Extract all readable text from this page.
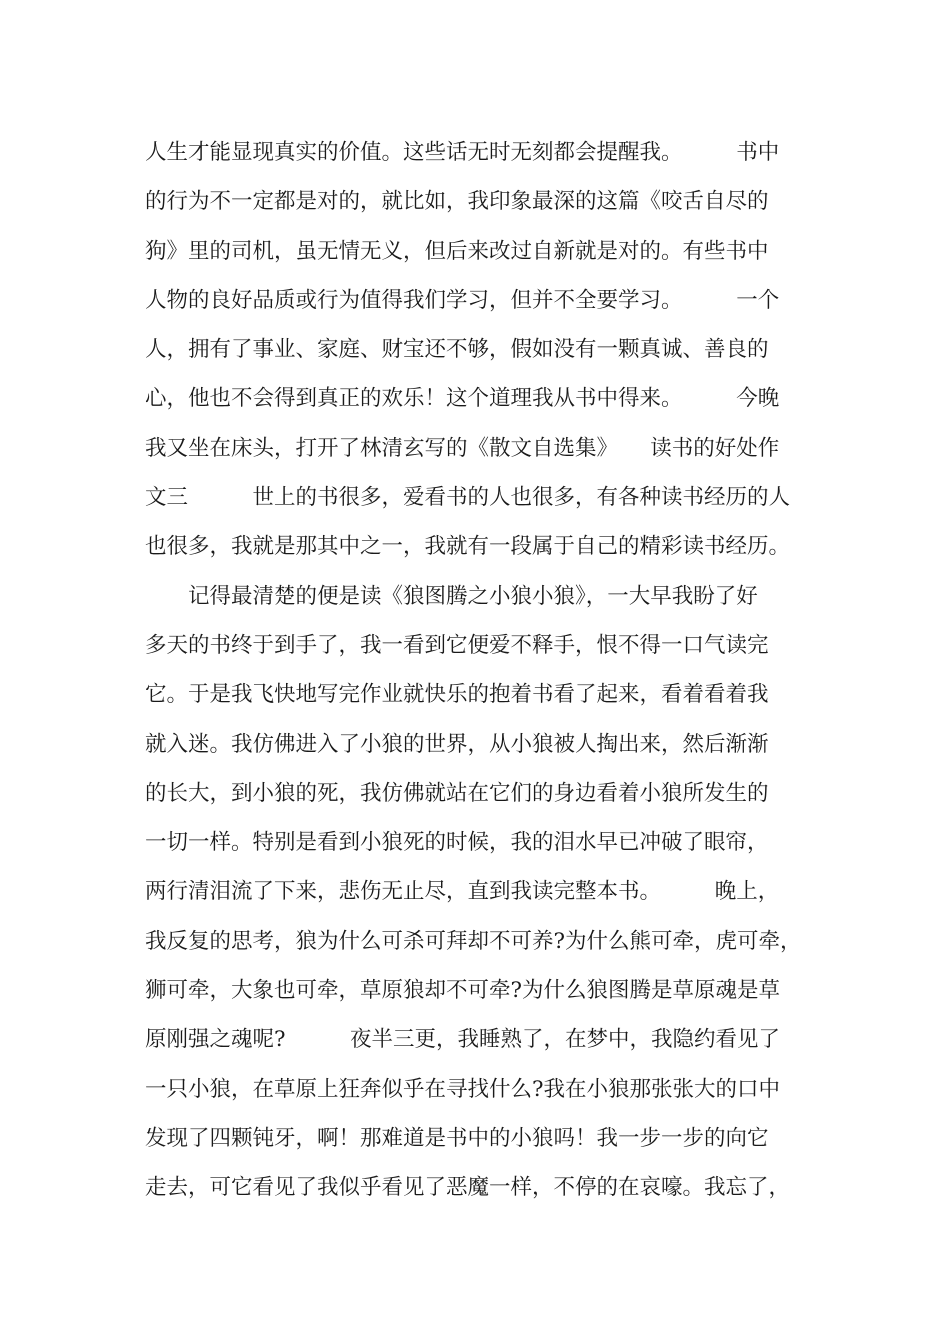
人生才能显现真实的价值。这些话无时无刻都会提醒我。　　　书中
的行为不一定都是对的，就比如，我印象最深的这篇《咬舌自尽的
狗》里的司机，虽无情无义，但后来改过自新就是对的。有些书中
人物的良好品质或行为值得我们学习，但并不全要学习。　　　一个
人，拥有了事业、家庭、财宝还不够，假如没有一颗真诚、善良的
心，他也不会得到真正的欢乐！这个道理我从书中得来。　　　今晚
我又坐在床头，打开了林清玄写的《散文自选集》　　读书的好处作
文三　　　世上的书很多，爱看书的人也很多，有各种读书经历的人
也很多，我就是那其中之一，我就有一段属于自己的精彩读书经历。
　　记得最清楚的便是读《狼图腾之小狼小狼》，一大早我盼了好
多天的书终于到手了，我一看到它便爱不释手，恨不得一口气读完
它。于是我飞快地写完作业就快乐的抱着书看了起来，看着看着我
就入迷。我仿佛进入了小狼的世界，从小狼被人掏出来，然后渐渐
的长大，到小狼的死，我仿佛就站在它们的身边看着小狼所发生的
一切一样。特别是看到小狼死的时候，我的泪水早已冲破了眼帘，
两行清泪流了下来，悲伤无止尽，直到我读完整本书。　　　晚上，
我反复的思考，狼为什么可杀可拜却不可养?为什么熊可牵，虎可牵，
狮可牵，大象也可牵，草原狼却不可牵?为什么狼图腾是草原魂是草
原刚强之魂呢?　　　夜半三更，我睡熟了，在梦中，我隐约看见了
一只小狼，在草原上狂奔似乎在寻找什么?我在小狼那张张大的口中
发现了四颗钝牙，啊！那难道是书中的小狼吗！我一步一步的向它
走去，可它看见了我似乎看见了恶魔一样，不停的在哀嚎。我忘了，
